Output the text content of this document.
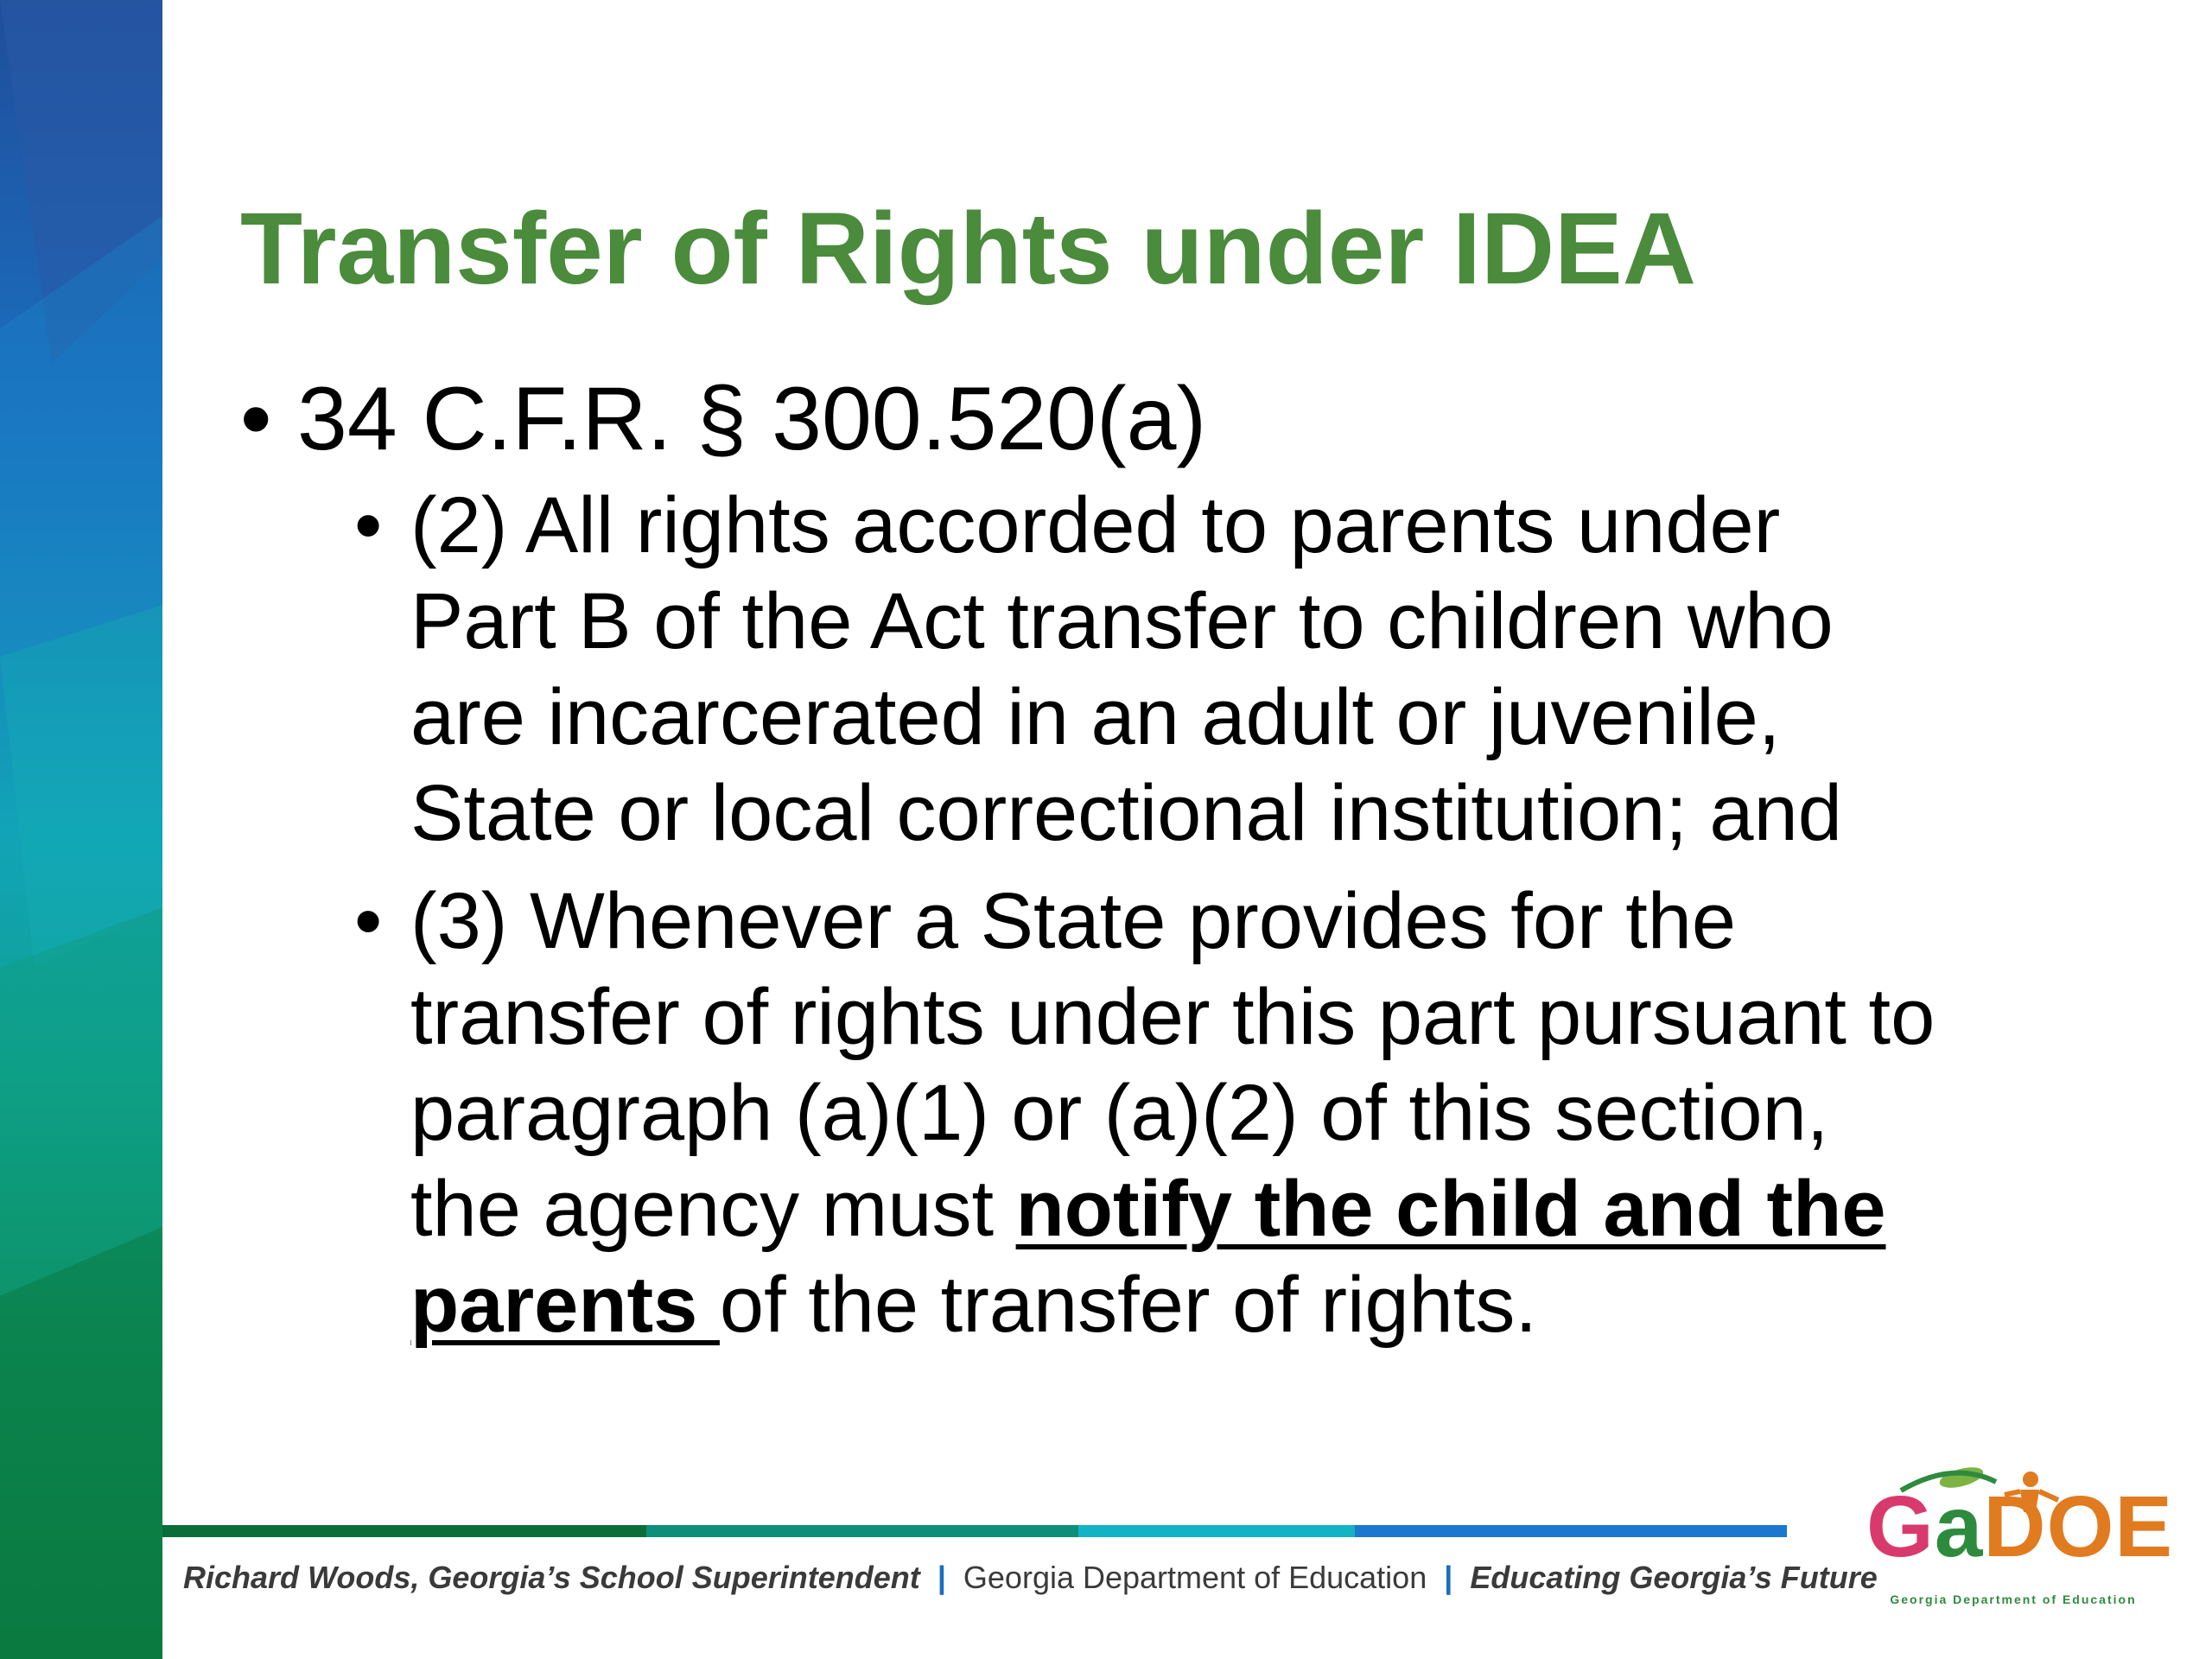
Transfer of Rights under IDEA
• 34 C.F.R. § 300.520(a)
• (2) All rights accorded to parents under Part B of the Act transfer to children who are incarcerated in an adult or juvenile, State or local correctional institution; and
• (3) Whenever a State provides for the transfer of rights under this part pursuant to paragraph (a)(1) or (a)(2) of this section, the agency must notify the child and the parents of the transfer of rights.
Richard Woods, Georgia’s School Superintendent | Georgia Department of Education | Educating Georgia’s Future
GaDOE
Georgia Department of Education
